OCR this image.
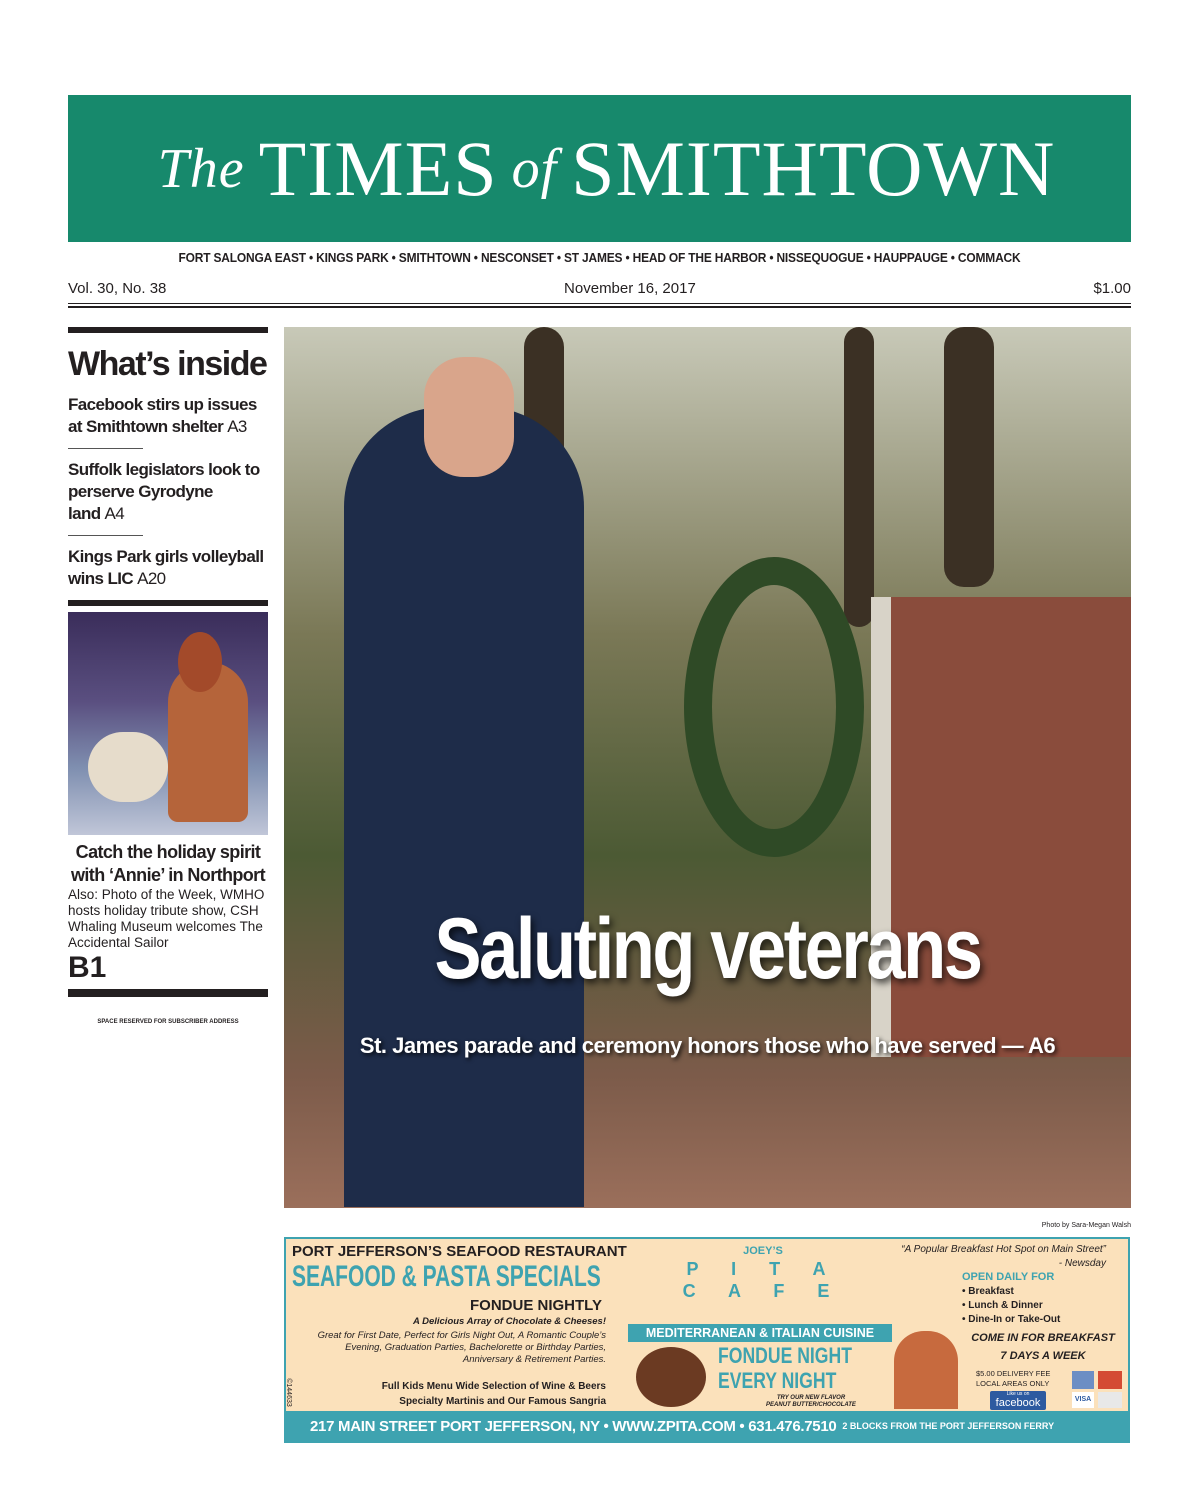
The TIMES of SMITHTOWN
FORT SALONGA EAST • KINGS PARK • SMITHTOWN • NESCONSET • ST JAMES • HEAD OF THE HARBOR • NISSEQUOGUE • HAUPPAUGE • COMMACK
Vol. 30, No. 38	November 16, 2017	$1.00
What’s inside
Facebook stirs up issues at Smithtown shelter A3
Suffolk legislators look to perserve Gyrodyne land A4
Kings Park girls volleyball wins LIC A20
Catch the holiday spirit with ‘Annie’ in Northport
Also: Photo of the Week, WMHO hosts holiday tribute show, CSH Whaling Museum welcomes The Accidental Sailor
B1
SPACE RESERVED FOR SUBSCRIBER ADDRESS
Saluting veterans
St. James parade and ceremony honors those who have served — A6
Photo by Sara-Megan Walsh
PORT JEFFERSON’S SEAFOOD RESTAURANT
SEAFOOD & PASTA SPECIALS
FONDUE NIGHTLY
A Delicious Array of Chocolate & Cheeses!
Great for First Date, Perfect for Girls Night Out, A Romantic Couple’s Evening, Graduation Parties, Bachelorette or Birthday Parties, Anniversary & Retirement Parties.
Full Kids Menu Wide Selection of Wine & Beers
Specialty Martinis and Our Famous Sangria
©144633
JOEY’S
P I T A
C A F E
MEDITERRANEAN & ITALIAN CUISINE
FONDUE NIGHT
EVERY NIGHT
TRY OUR NEW FLAVOR
PEANUT BUTTER/CHOCOLATE
“A Popular Breakfast Hot Spot on Main Street”
- Newsday
OPEN DAILY FOR
• Breakfast
• Lunch & Dinner
• Dine-In or Take-Out
COME IN FOR BREAKFAST
7 DAYS A WEEK
$5.00 DELIVERY FEE
LOCAL AREAS ONLY
Like us on
facebook	VISA
217 MAIN STREET PORT JEFFERSON, NY • WWW.ZPITA.COM • 631.476.7510 2 BLOCKS FROM THE PORT JEFFERSON FERRY
